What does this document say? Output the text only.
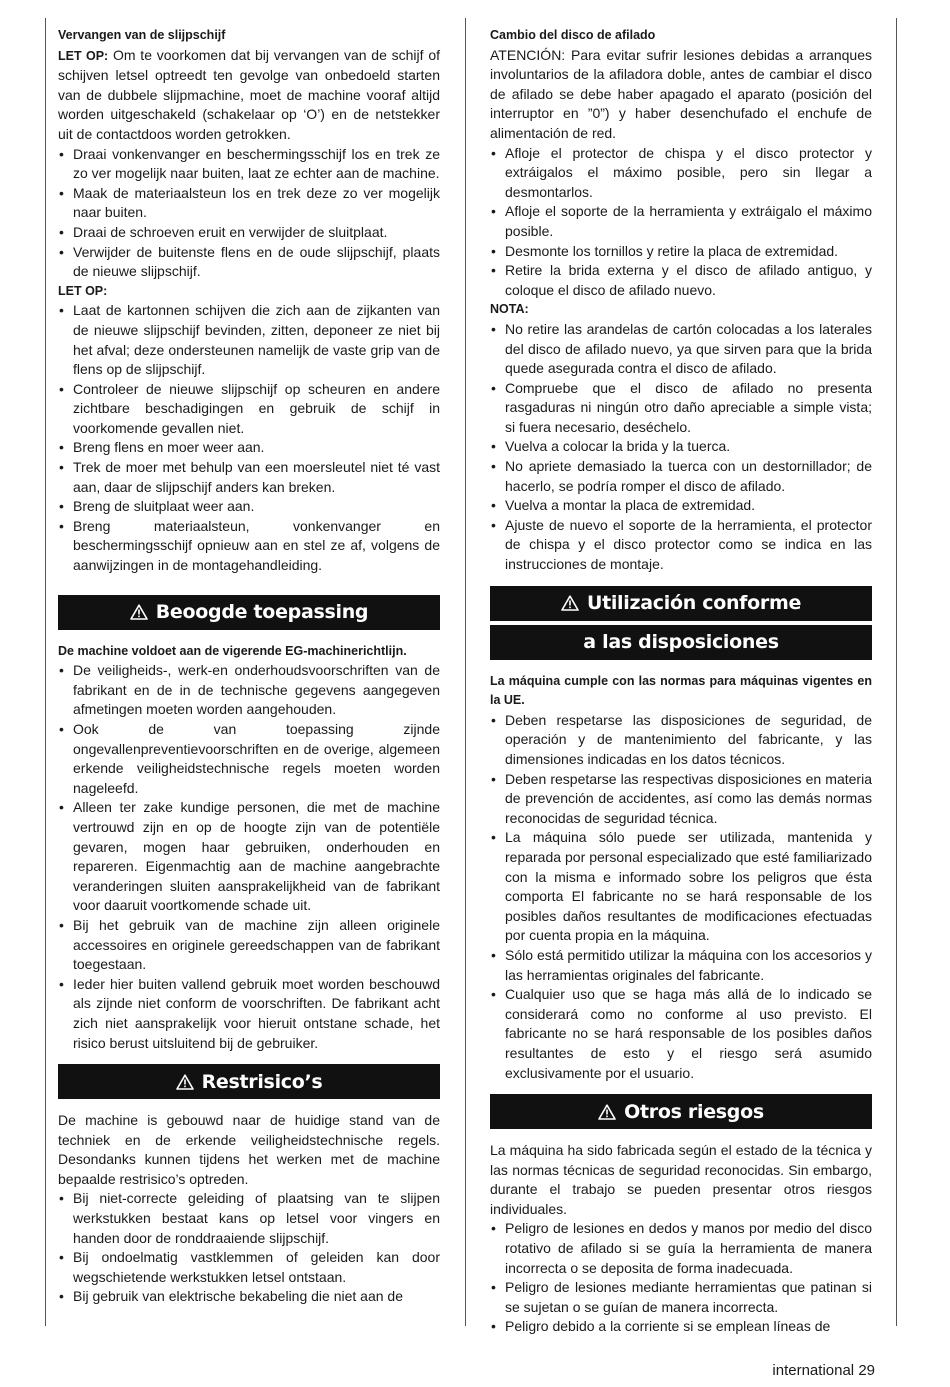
Vervangen van de slijpschijf

LET OP: Om te voorkomen dat bij vervangen van de schijf of schijven letsel optreedt ten gevolge van onbedoeld starten van de dubbele slijpmachine, moet de machine vooraf altijd worden uitgeschakeld (schakelaar op ‘O’) en de netstekker uit de contactdoos worden getrokken.

• Draai vonkenvanger en beschermingsschijf los en trek ze zo ver mogelijk naar buiten, laat ze echter aan de machine.
• Maak de materiaalsteun los en trek deze zo ver mogelijk naar buiten.
• Draai de schroeven eruit en verwijder de sluitplaat.
• Verwijder de buitenste flens en de oude slijpschijf, plaats de nieuwe slijpschijf.

LET OP:

• Laat de kartonnen schijven die zich aan de zijkanten van de nieuwe slijpschijf bevinden, zitten, deponeer ze niet bij het afval; deze ondersteunen namelijk de vaste grip van de flens op de slijpschijf.
• Controleer de nieuwe slijpschijf op scheuren en andere zichtbare beschadigingen en gebruik de schijf in voorkomende gevallen niet.
• Breng flens en moer weer aan.
• Trek de moer met behulp van een moersleutel niet té vast aan, daar de slijpschijf anders kan breken.
• Breng de sluitplaat weer aan.
• Breng materiaalsteun, vonkenvanger en beschermingsschijf opnieuw aan en stel ze af, volgens de aanwijzingen in de montagehandleiding.
Beoogde toepassing

De machine voldoet aan de vigerende EG-machinerichtlijn.

• De veiligheids-, werk-en onderhoudsvoorschriften van de fabrikant en de in de technische gegevens aangegeven afmetingen moeten worden aangehouden.
• Ook de van toepassing zijnde ongevallenpreventievoorschriften en de overige, algemeen erkende veiligheidstechnische regels moeten worden nageleefd.
• Alleen ter zake kundige personen, die met de machine vertrouwd zijn en op de hoogte zijn van de potentiële gevaren, mogen haar gebruiken, onderhouden en repareren. Eigenmachtig aan de machine aangebrachte veranderingen sluiten aansprakelijkheid van de fabrikant voor daaruit voortkomende schade uit.
• Bij het gebruik van de machine zijn alleen originele accessoires en originele gereedschappen van de fabrikant toegestaan.
• Ieder hier buiten vallend gebruik moet worden beschouwd als zijnde niet conform de voorschriften. De fabrikant acht zich niet aansprakelijk voor hieruit ontstane schade, het risico berust uitsluitend bij de gebruiker.
Restrisico’s

De machine is gebouwd naar de huidige stand van de techniek en de erkende veiligheidstechnische regels. Desondanks kunnen tijdens het werken met de machine bepaalde restrisico’s optreden.

• Bij niet-correcte geleiding of plaatsing van te slijpen werkstukken bestaat kans op letsel voor vingers en handen door de ronddraaiende slijpschijf.
• Bij ondoelmatig vastklemmen of geleiden kan door wegschietende werkstukken letsel ontstaan.
• Bij gebruik van elektrische bekabeling die niet aan de

Cambio del disco de afilado

ATENCIÓN: Para evitar sufrir lesiones debidas a arranques involuntarios de la afiladora doble, antes de cambiar el disco de afilado se debe haber apagado el aparato (posición del interruptor en ”0”) y haber desenchufado el enchufe de alimentación de red.

• Afloje el protector de chispa y el disco protector y extráigalos el máximo posible, pero sin llegar a desmontarlos.
• Afloje el soporte de la herramienta y extráigalo el máximo posible.
• Desmonte los tornillos y retire la placa de extremidad.
• Retire la brida externa y el disco de afilado antiguo, y coloque el disco de afilado nuevo.

NOTA:

• No retire las arandelas de cartón colocadas a los laterales del disco de afilado nuevo, ya que sirven para que la brida quede asegurada contra el disco de afilado.
• Compruebe que el disco de afilado no presenta rasgaduras ni ningún otro daño apreciable a simple vista; si fuera necesario, deséchelo.
• Vuelva a colocar la brida y la tuerca.
• No apriete demasiado la tuerca con un destornillador; de hacerlo, se podría romper el disco de afilado.
• Vuelva a montar la placa de extremidad.
• Ajuste de nuevo el soporte de la herramienta, el protector de chispa y el disco protector como se indica en las instrucciones de montaje.
Utilización conforme
a las disposiciones

La máquina cumple con las normas para máquinas vigentes en la UE.

• Deben respetarse las disposiciones de seguridad, de operación y de mantenimiento del fabricante, y las dimensiones indicadas en los datos técnicos.
• Deben respetarse las respectivas disposiciones en materia de prevención de accidentes, así como las demás normas reconocidas de seguridad técnica.
• La máquina sólo puede ser utilizada, mantenida y reparada por personal especializado que esté familiarizado con la misma e informado sobre los peligros que ésta comporta El fabricante no se hará responsable de los posibles daños resultantes de modificaciones efectuadas por cuenta propia en la máquina.
• Sólo está permitido utilizar la máquina con los accesorios y las herramientas originales del fabricante.
• Cualquier uso que se haga más allá de lo indicado se considerará como no conforme al uso previsto. El fabricante no se hará responsable de los posibles daños resultantes de esto y el riesgo será asumido exclusivamente por el usuario.
Otros riesgos

La máquina ha sido fabricada según el estado de la técnica y las normas técnicas de seguridad reconocidas. Sin embargo, durante el trabajo se pueden presentar otros riesgos individuales.

• Peligro de lesiones en dedos y manos por medio del disco rotativo de afilado si se guía la herramienta de manera incorrecta o se deposita de forma inadecuada.
• Peligro de lesiones mediante herramientas que patinan si se sujetan o se guían de manera incorrecta.
• Peligro debido a la corriente si se emplean líneas de
international 29
